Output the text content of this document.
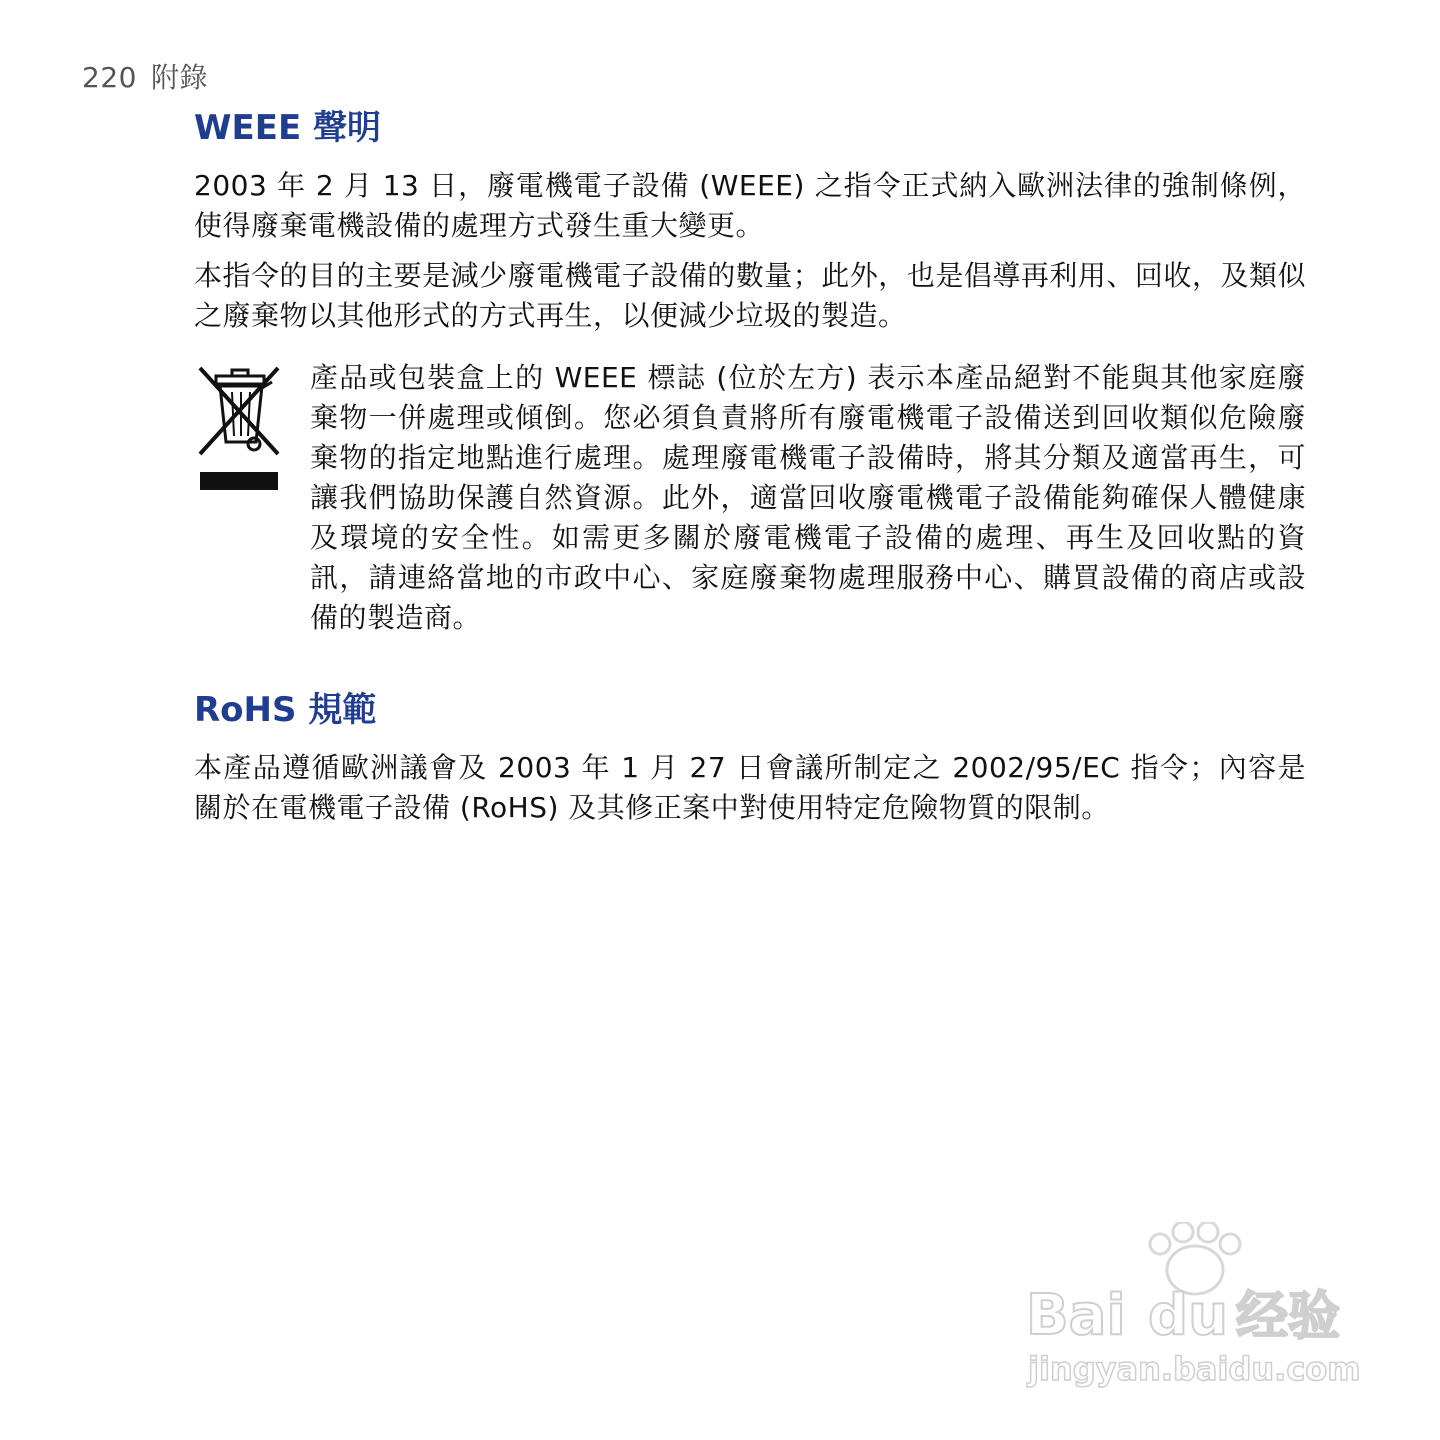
220 附錄
WEEE 聲明

2003 年 2 月 13 日，廢電機電子設備 (WEEE) 之指令正式納入歐洲法律的強制條例，使得廢棄電機設備的處理方式發生重大變更。

本指令的目的主要是減少廢電機電子設備的數量；此外，也是倡導再利用、回收，及類似之廢棄物以其他形式的方式再生，以便減少垃圾的製造。

產品或包裝盒上的 WEEE 標誌 (位於左方) 表示本產品絕對不能與其他家庭廢棄物一併處理或傾倒。您必須負責將所有廢電機電子設備送到回收類似危險廢棄物的指定地點進行處理。處理廢電機電子設備時，將其分類及適當再生，可讓我們協助保護自然資源。此外，適當回收廢電機電子設備能夠確保人體健康及環境的安全性。如需更多關於廢電機電子設備的處理、再生及回收點的資訊，請連絡當地的市政中心、家庭廢棄物處理服務中心、購買設備的商店或設備的製造商。

RoHS 規範

本產品遵循歐洲議會及 2003 年 1 月 27 日會議所制定之 2002/95/EC 指令；內容是關於在電機電子設備 (RoHS) 及其修正案中對使用特定危險物質的限制。

Bai du 经验
jingyan.baidu.com
